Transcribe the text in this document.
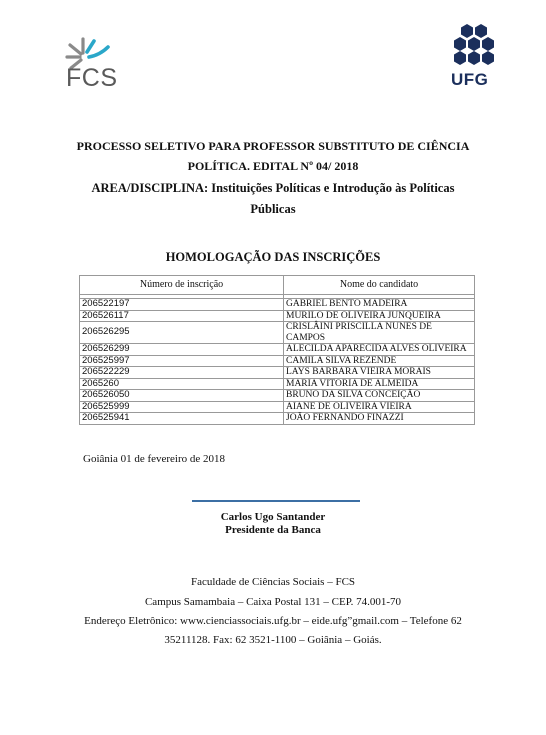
FCS	UFG
PROCESSO SELETIVO PARA PROFESSOR SUBSTITUTO DE CIÊNCIA
POLÍTICA. EDITAL Nº 04/ 2018
AREA/DISCIPLINA: Instituições Políticas e Introdução às Políticas
Públicas
HOMOLOGAÇÃO DAS INSCRIÇÕES
Número de inscrição	Nome do candidato

206522197	GABRIEL BENTO MADEIRA
206526117	MURILO DE OLIVEIRA JUNQUEIRA
206526295	CRISLÂINI PRISCILLA NUNES DE CAMPOS
206526299	ALECILDA APARECIDA ALVES OLIVEIRA
206525997	CAMILA SILVA REZENDE
206522229	LAYS BARBARA VIEIRA MORAIS
2065260	MARIA VITORIA DE ALMEIDA
206526050	BRUNO DA SILVA CONCEIÇÃO
206525999	AIANE DE OLIVEIRA VIEIRA
206525941	JOÃO FERNANDO FINAZZI
Goiânia 01 de fevereiro de 2018
Carlos Ugo Santander
Presidente da Banca
Faculdade de Ciências Sociais – FCS
Campus Samambaia – Caixa Postal 131 – CEP. 74.001-70
Endereço Eletrônico: www.cienciassociais.ufg.br – eide.ufg”gmail.com – Telefone 62
35211128. Fax: 62 3521-1100 – Goiânia – Goiás.
